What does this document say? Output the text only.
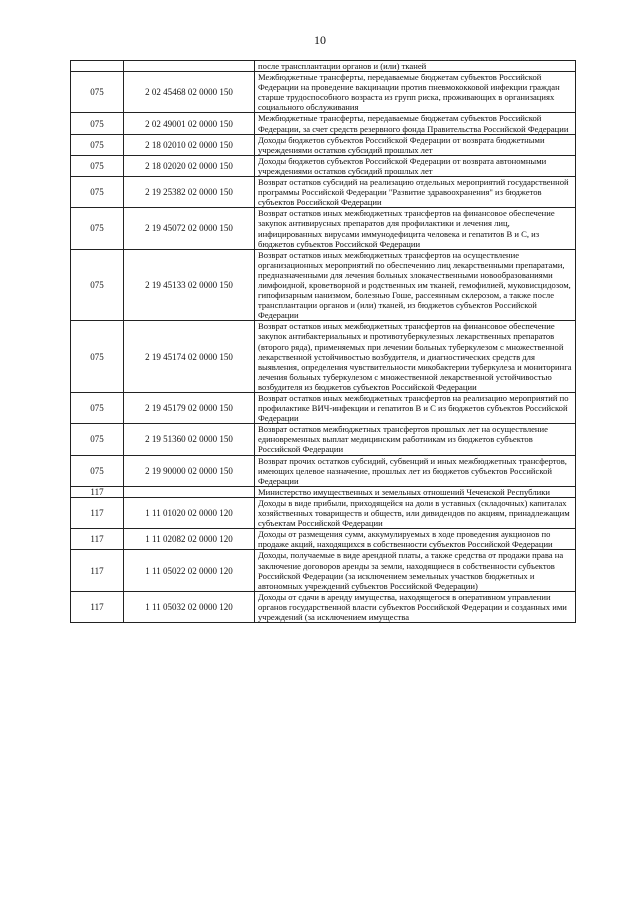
10
		после трансплантации органов и (или) тканей
075	2 02 45468 02 0000 150	Межбюджетные трансферты, передаваемые бюджетам субъектов Российской Федерации на проведение вакцинации против пневмококковой инфекции граждан старше трудоспособного возраста из групп риска, проживающих в организациях социального обслуживания
075	2 02 49001 02 0000 150	Межбюджетные трансферты, передаваемые бюджетам субъектов Российской Федерации, за счет средств резервного фонда Правительства Российской Федерации
075	2 18 02010 02 0000 150	Доходы бюджетов субъектов Российской Федерации от возврата бюджетными учреждениями остатков субсидий прошлых лет
075	2 18 02020 02 0000 150	Доходы бюджетов субъектов Российской Федерации от возврата автономными учреждениями остатков субсидий прошлых лет
075	2 19 25382 02 0000 150	Возврат остатков субсидий на реализацию отдельных мероприятий государственной программы Российской Федерации "Развитие здравоохранения" из бюджетов субъектов Российской Федерации
075	2 19 45072 02 0000 150	Возврат остатков иных межбюджетных трансфертов на финансовое обеспечение закупок антивирусных препаратов для профилактики и лечения лиц, инфицированных вирусами иммунодефицита человека и гепатитов B и C, из бюджетов субъектов Российской Федерации
075	2 19 45133 02 0000 150	Возврат остатков иных межбюджетных трансфертов на осуществление организационных мероприятий по обеспечению лиц лекарственными препаратами, предназначенными для лечения больных злокачественными новообразованиями лимфоидной, кроветворной и родственных им тканей, гемофилией, муковисцидозом, гипофизарным нанизмом, болезнью Гоше, рассеянным склерозом, а также после трансплантации органов и (или) тканей, из бюджетов субъектов Российской Федерации
075	2 19 45174 02 0000 150	Возврат остатков иных межбюджетных трансфертов на финансовое обеспечение закупок антибактериальных и противотуберкулезных лекарственных препаратов (второго ряда), применяемых при лечении больных туберкулезом с множественной лекарственной устойчивостью возбудителя, и диагностических средств для выявления, определения чувствительности микобактерии туберкулеза и мониторинга лечения больных туберкулезом с множественной лекарственной устойчивостью возбудителя из бюджетов субъектов Российской Федерации
075	2 19 45179 02 0000 150	Возврат остатков иных межбюджетных трансфертов на реализацию мероприятий по профилактике ВИЧ-инфекции и гепатитов B и C из бюджетов субъектов Российской Федерации
075	2 19 51360 02 0000 150	Возврат остатков межбюджетных трансфертов прошлых лет на осуществление единовременных выплат медицинским работникам из бюджетов субъектов Российской Федерации
075	2 19 90000 02 0000 150	Возврат прочих остатков субсидий, субвенций и иных межбюджетных трансфертов, имеющих целевое назначение, прошлых лет из бюджетов субъектов Российской Федерации
117		Министерство имущественных и земельных отношений Чеченской Республики
117	1 11 01020 02 0000 120	Доходы в виде прибыли, приходящейся на доли в уставных (складочных) капиталах хозяйственных товариществ и обществ, или дивидендов по акциям, принадлежащим субъектам Российской Федерации
117	1 11 02082 02 0000 120	Доходы от размещения сумм, аккумулируемых в ходе проведения аукционов по продаже акций, находящихся в собственности субъектов Российской Федерации
117	1 11 05022 02 0000 120	Доходы, получаемые в виде арендной платы, а также средства от продажи права на заключение договоров аренды за земли, находящиеся в собственности субъектов Российской Федерации (за исключением земельных участков бюджетных и автономных учреждений субъектов Российской Федерации)
117	1 11 05032 02 0000 120	Доходы от сдачи в аренду имущества, находящегося в оперативном управлении органов государственной власти субъектов Российской Федерации и созданных ими учреждений (за исключением имущества
